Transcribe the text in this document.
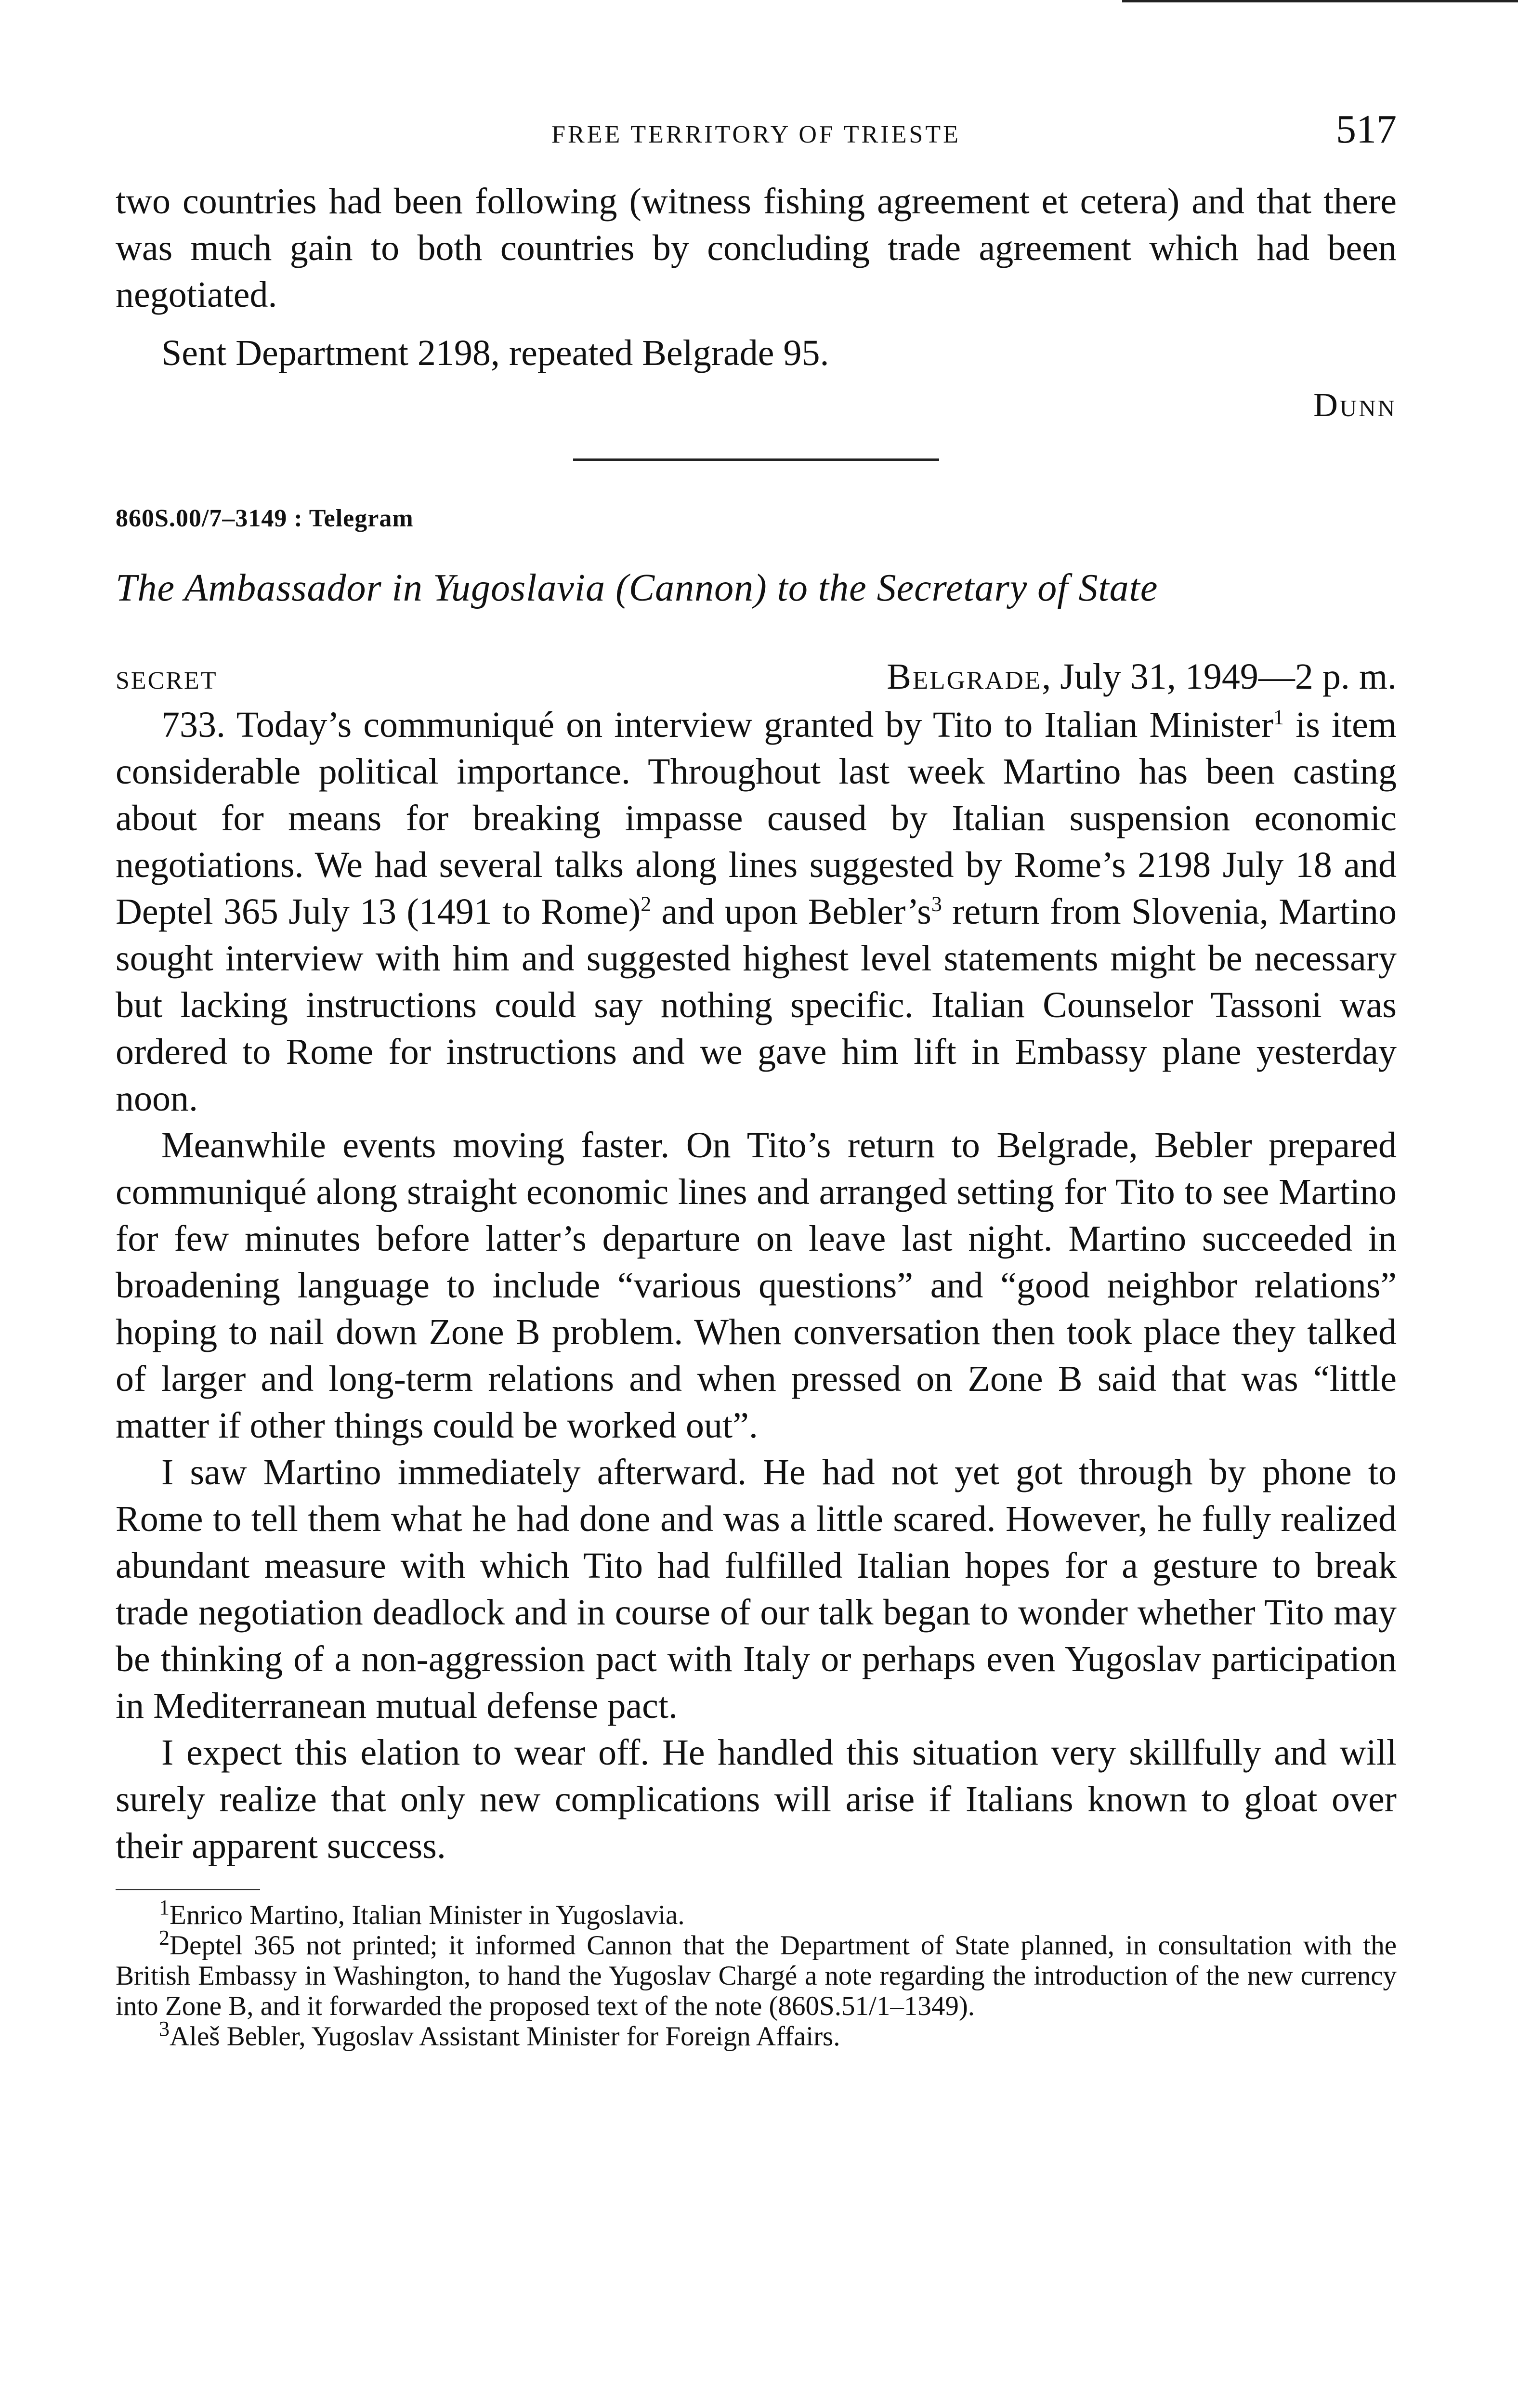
FREE TERRITORY OF TRIESTE	517

two countries had been following (witness fishing agreement et cetera) and that there was much gain to both countries by concluding trade agreement which had been negotiated.

Sent Department 2198, repeated Belgrade 95.

Dunn
860S.00/7–3149 : Telegram
The Ambassador in Yugoslavia (Cannon) to the Secretary of State
SECRET	Belgrade, July 31, 1949—2 p. m.

733. Today’s communiqué on interview granted by Tito to Italian Minister$^1$ is item considerable political importance. Throughout last week Martino has been casting about for means for breaking impasse caused by Italian suspension economic negotiations. We had several talks along lines suggested by Rome’s 2198 July 18 and Deptel 365 July 13 (1491 to Rome)$^2$ and upon $Bebler’s^3$ return from Slovenia, Martino sought interview with him and suggested highest level statements might be necessary but lacking instructions could say nothing specific. Italian Counselor Tassoni was ordered to Rome for instructions and we gave him lift in Embassy plane yesterday noon.

Meanwhile events moving faster. On Tito’s return to Belgrade, Bebler prepared communiqué along straight economic lines and arranged setting for Tito to see Martino for few minutes before latter’s departure on leave last night. Martino succeeded in broadening language to include “various questions” and “good neighbor relations” hoping to nail down Zone B problem. When conversation then took place they talked of larger and long-term relations and when pressed on Zone B said that was “little matter if other things could be worked out”.

I saw Martino immediately afterward. He had not yet got through by phone to Rome to tell them what he had done and was a little scared. However, he fully realized abundant measure with which Tito had fulfilled Italian hopes for a gesture to break trade negotiation deadlock and in course of our talk began to wonder whether Tito may be thinking of a non-aggression pact with Italy or perhaps even Yugoslav participation in Mediterranean mutual defense pact.

I expect this elation to wear off. He handled this situation very skillfully and will surely realize that only new complications will arise if Italians known to gloat over their apparent success.

$^1$Enrico Martino, Italian Minister in Yugoslavia.

$^2$Deptel 365 not printed; it informed Cannon that the Department of State planned, in consultation with the British Embassy in Washington, to hand the Yugoslav Chargé a note regarding the introduction of the new currency into Zone B, and it forwarded the proposed text of the note (860S.51/1–1349).

$^3$Aleš Bebler, Yugoslav Assistant Minister for Foreign Affairs.
